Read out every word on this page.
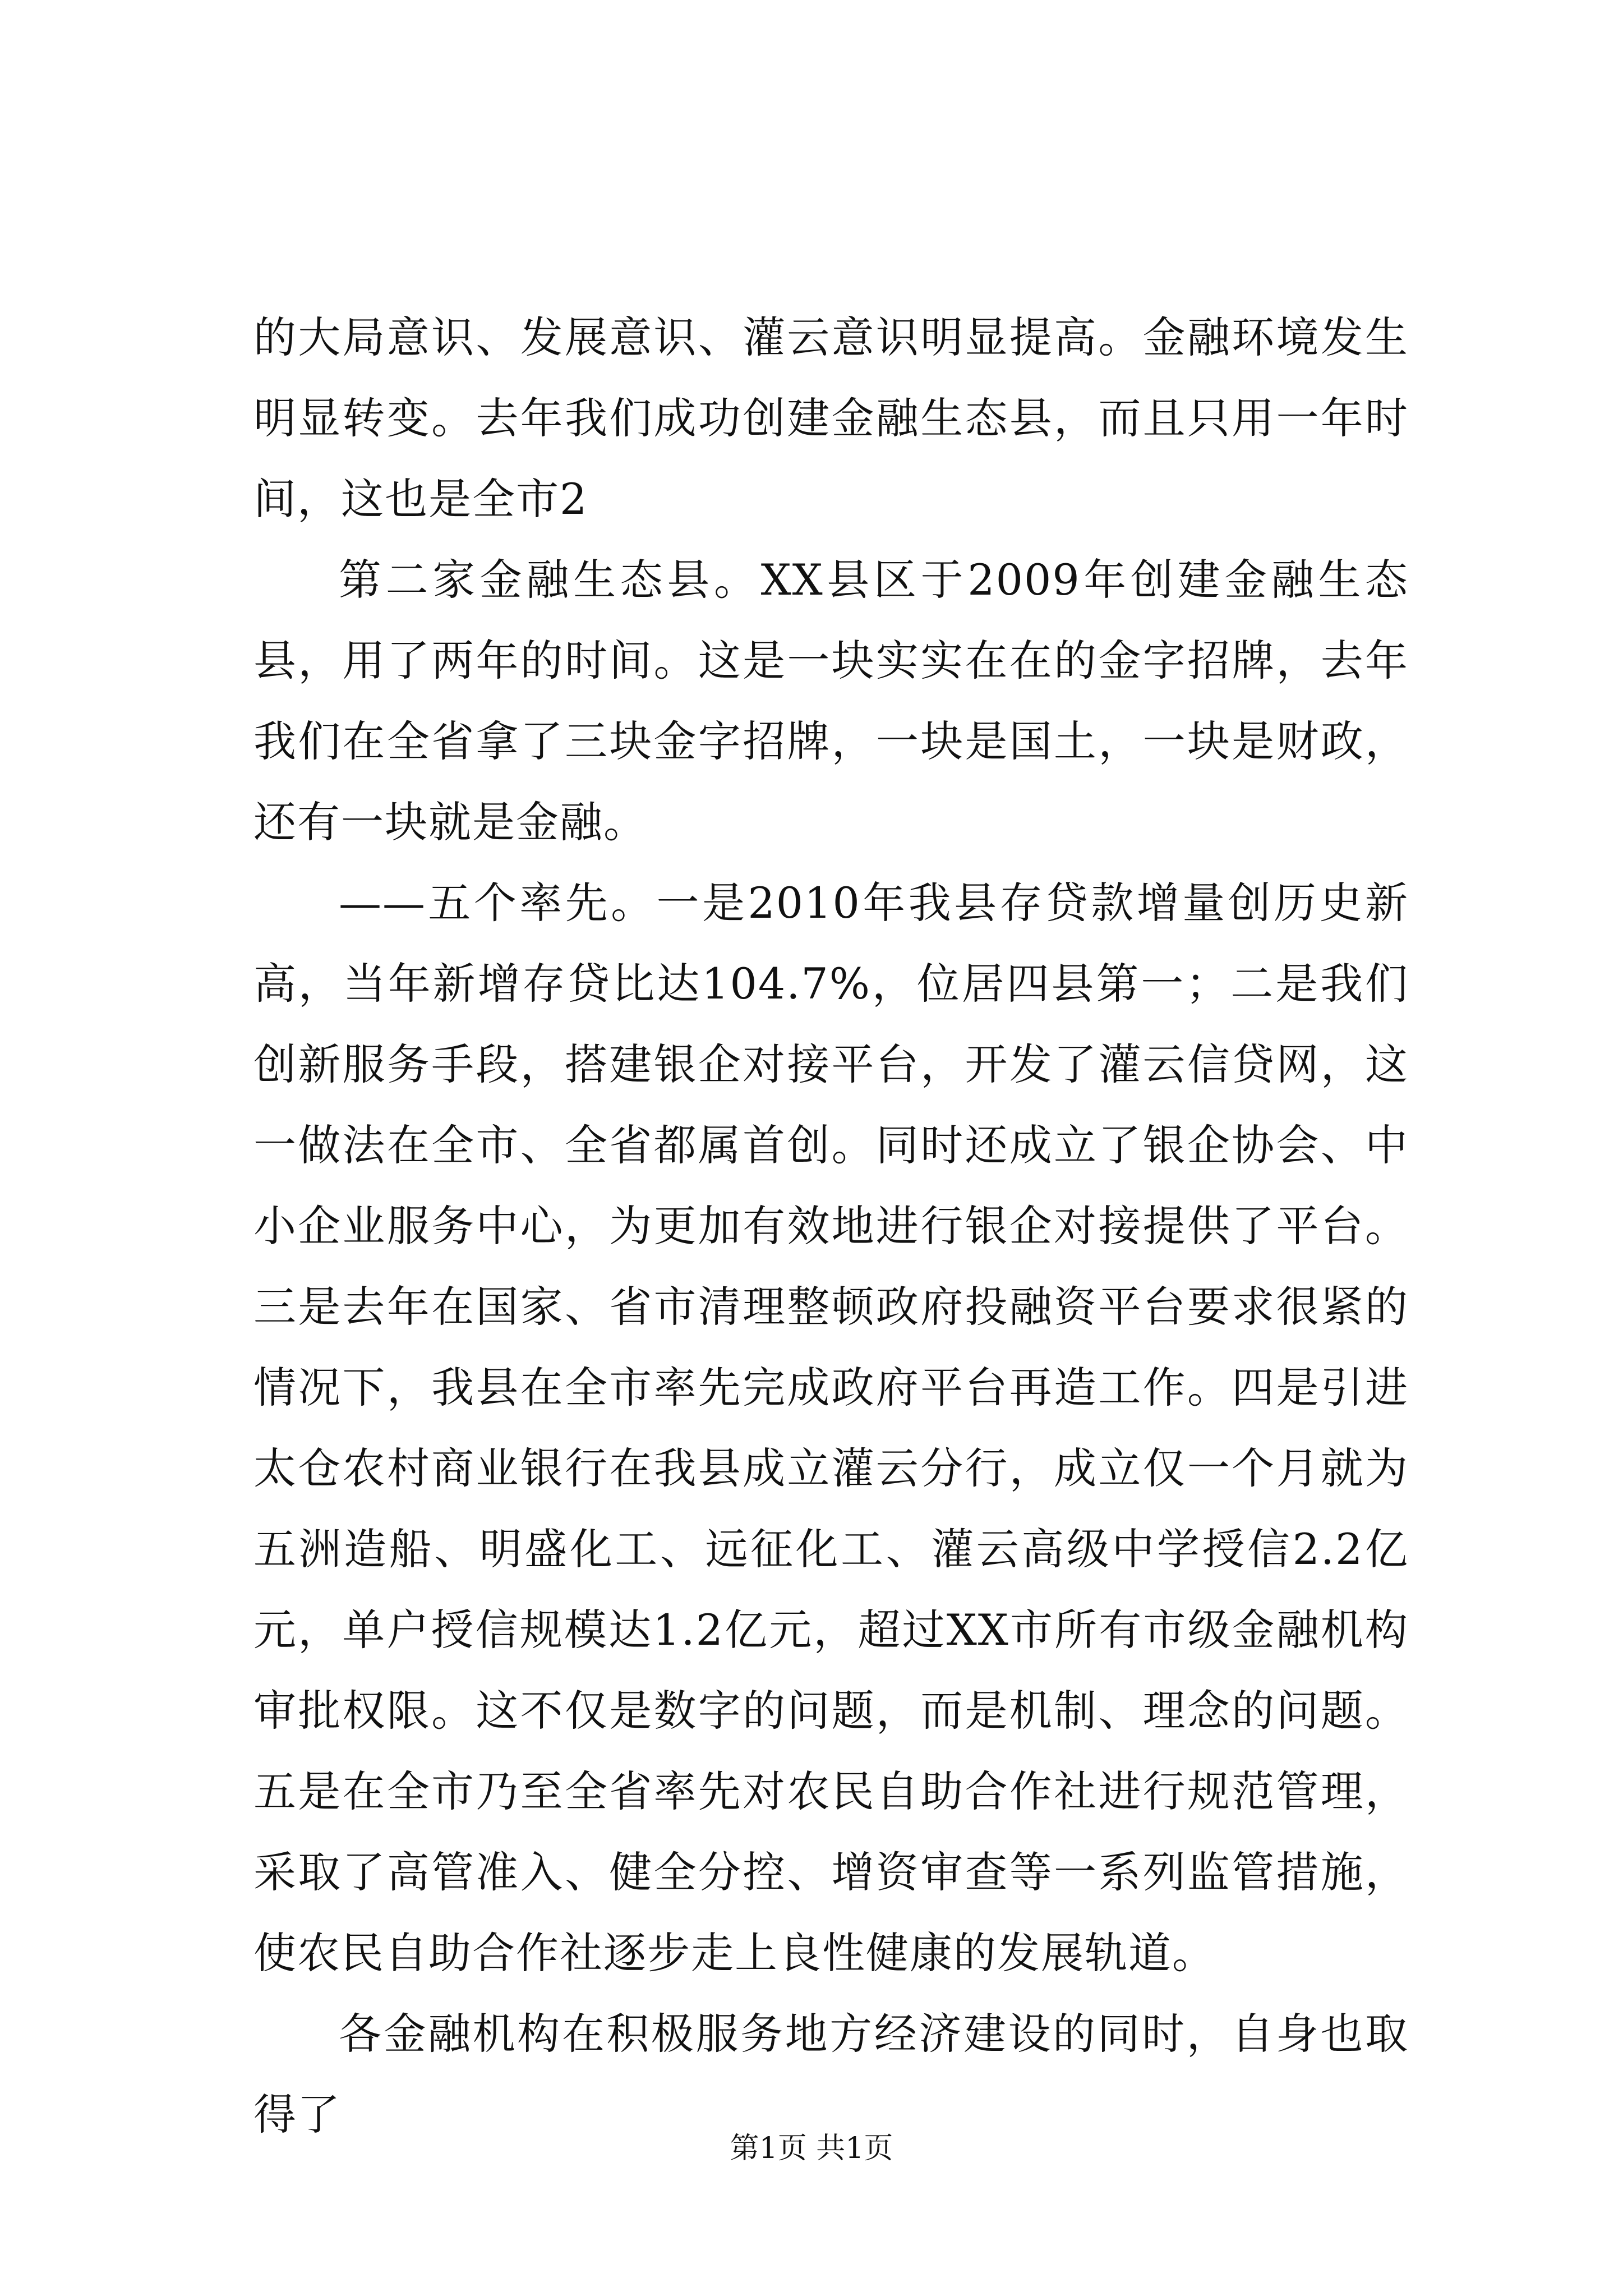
的大局意识、发展意识、灌云意识明显提高。金融环境发生明显转变。去年我们成功创建金融生态县，而且只用一年时间，这也是全市2

第二家金融生态县。XX县区于2009年创建金融生态县，用了两年的时间。这是一块实实在在的金字招牌，去年我们在全省拿了三块金字招牌，一块是国土，一块是财政，还有一块就是金融。

——五个率先。一是2010年我县存贷款增量创历史新高，当年新增存贷比达104.7%，位居四县第一；二是我们创新服务手段，搭建银企对接平台，开发了灌云信贷网，这一做法在全市、全省都属首创。同时还成立了银企协会、中小企业服务中心，为更加有效地进行银企对接提供了平台。三是去年在国家、省市清理整顿政府投融资平台要求很紧的情况下，我县在全市率先完成政府平台再造工作。四是引进太仓农村商业银行在我县成立灌云分行，成立仅一个月就为五洲造船、明盛化工、远征化工、灌云高级中学授信2.2亿元，单户授信规模达1.2亿元，超过XX市所有市级金融机构审批权限。这不仅是数字的问题，而是机制、理念的问题。五是在全市乃至全省率先对农民自助合作社进行规范管理，采取了高管准入、健全分控、增资审查等一系列监管措施，使农民自助合作社逐步走上良性健康的发展轨道。

各金融机构在积极服务地方经济建设的同时，自身也取得了

第1页 共1页
